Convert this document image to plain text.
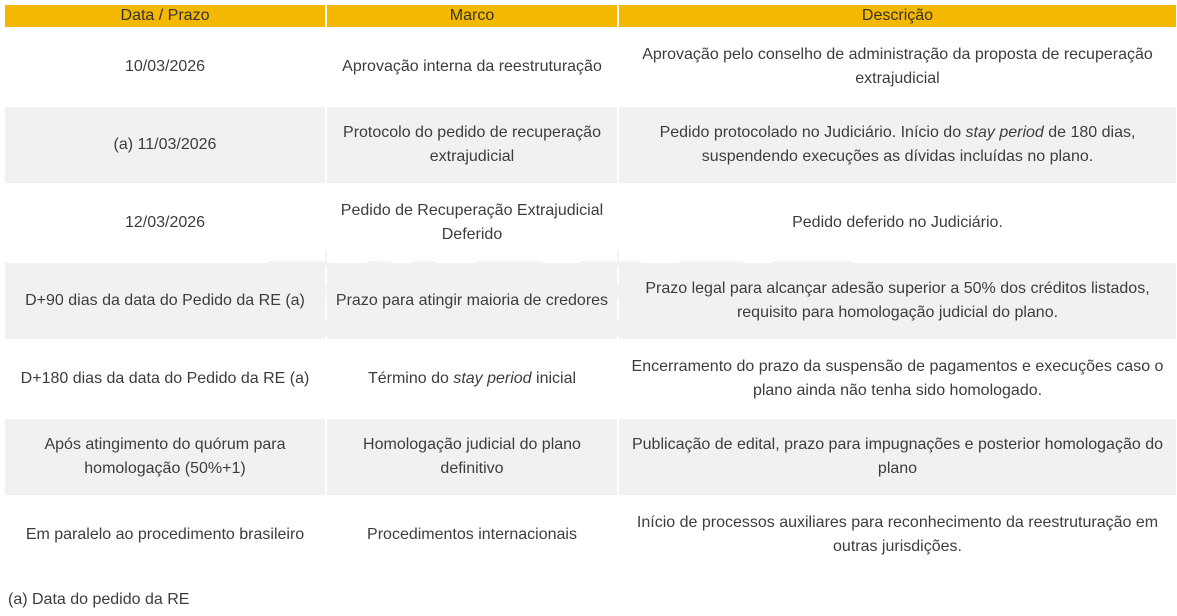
Data / Prazo	Marco	Descrição
10/03/2026	Aprovação interna da reestruturação	Aprovação pelo conselho de administração da proposta de recuperação extrajudicial
(a) 11/03/2026	Protocolo do pedido de recuperação extrajudicial	Pedido protocolado no Judiciário. Início do stay period de 180 dias, suspendendo execuções as dívidas incluídas no plano.
12/03/2026	Pedido de Recuperação Extrajudicial Deferido	Pedido deferido no Judiciário.
D+90 dias da data do Pedido da RE (a)	Prazo para atingir maioria de credores	Prazo legal para alcançar adesão superior a 50% dos créditos listados, requisito para homologação judicial do plano.
D+180 dias da data do Pedido da RE (a)	Término do stay period inicial	Encerramento do prazo da suspensão de pagamentos e execuções caso o plano ainda não tenha sido homologado.
Após atingimento do quórum para homologação (50%+1)	Homologação judicial do plano definitivo	Publicação de edital, prazo para impugnações e posterior homologação do plano
Em paralelo ao procedimento brasileiro	Procedimentos internacionais	Início de processos auxiliares para reconhecimento da reestruturação em outras jurisdições.
(a) Data do pedido da RE
